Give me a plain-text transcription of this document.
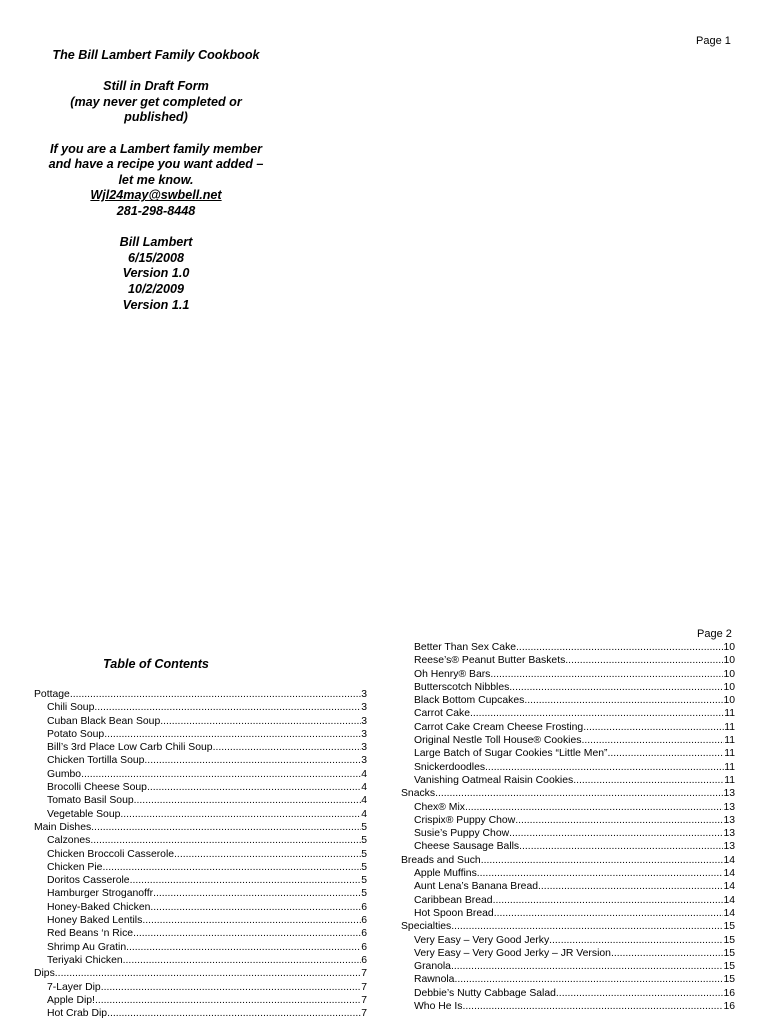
Page 1
The Bill Lambert Family Cookbook
Still in Draft Form
(may never get completed or
published)
If you are a Lambert family member
and have a recipe you want added –
let me know.
Wjl24may@swbell.net
281-298-8448
Bill Lambert
6/15/2008
Version 1.0
10/2/2009
Version 1.1
Page 2
Table of Contents
Pottage .....	3
Chili Soup .....	3
Cuban Black Bean Soup .....	3
Potato Soup .....	3
Bill’s 3rd Place Low Carb Chili Soup .....	3
Chicken Tortilla Soup .....	3
Gumbo .....	4
Brocolli Cheese Soup .....	4
Tomato Basil Soup .....	4
Vegetable Soup .....	4
Main Dishes .....	5
Calzones .....	5
Chicken Broccoli Casserole .....	5
Chicken Pie .....	5
Doritos Casserole .....	5
Hamburger Stroganoffr .....	5
Honey-Baked Chicken .....	6
Honey Baked Lentils .....	6
Red Beans ‘n Rice .....	6
Shrimp Au Gratin .....	6
Teriyaki Chicken .....	6
Dips .....	7
7-Layer Dip .....	7
Apple Dip! .....	7
Hot Crab Dip .....	7
Better Than Sex Cake .....	10
Reese’s® Peanut Butter Baskets .....	10
Oh Henry® Bars .....	10
Butterscotch Nibbles .....	10
Black Bottom Cupcakes .....	10
Carrot Cake .....	11
Carrot Cake Cream Cheese Frosting .....	11
Original Nestle Toll House® Cookies .....	11
Large Batch of Sugar Cookies “Little Men” .....	11
Snickerdoodles .....	11
Vanishing Oatmeal Raisin Cookies .....	11
Snacks .....	13
Chex® Mix .....	13
Crispix® Puppy Chow .....	13
Susie’s Puppy Chow .....	13
Cheese Sausage Balls .....	13
Breads and Such .....	14
Apple Muffins .....	14
Aunt Lena’s Banana Bread .....	14
Caribbean Bread .....	14
Hot Spoon Bread .....	14
Specialties .....	15
Very Easy – Very Good Jerky .....	15
Very Easy – Very Good Jerky – JR Version .....	15
Granola .....	15
Rawnola .....	15
Debbie’s Nutty Cabbage Salad .....	16
Who He Is .....	16
